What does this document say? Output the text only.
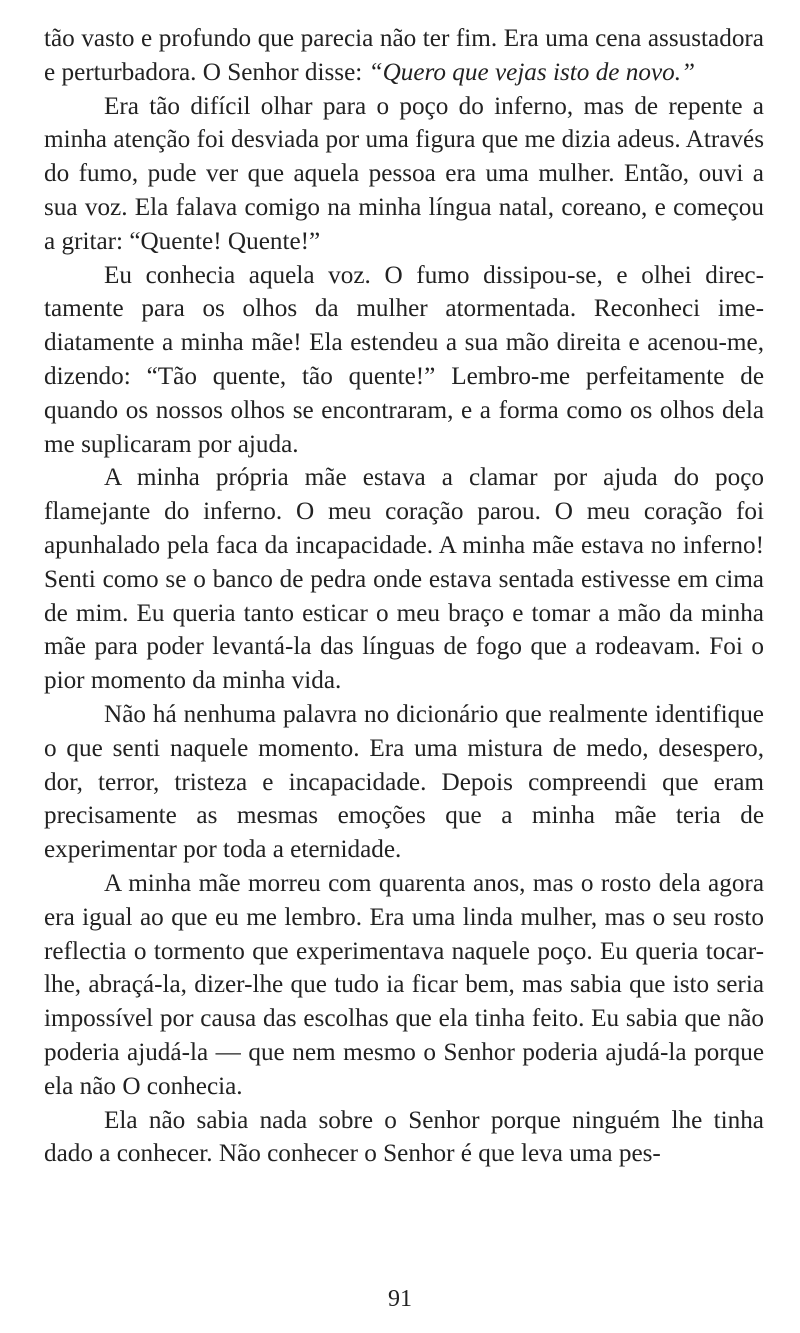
tão vasto e profundo que parecia não ter fim. Era uma cena assustadora e perturbadora. O Senhor disse: “Quero que vejas isto de novo.”

Era tão difícil olhar para o poço do inferno, mas de repente a minha atenção foi desviada por uma figura que me dizia adeus. Através do fumo, pude ver que aquela pessoa era uma mulher. Então, ouvi a sua voz. Ela falava comigo na minha língua natal, coreano, e começou a gritar: “Quente! Quente!”

Eu conhecia aquela voz. O fumo dissipou-se, e olhei directamente para os olhos da mulher atormentada. Reconheci imediatamente a minha mãe! Ela estendeu a sua mão direita e acenou-me, dizendo: “Tão quente, tão quente!” Lembro-me perfeitamente de quando os nossos olhos se encontraram, e a forma como os olhos dela me suplicaram por ajuda.

A minha própria mãe estava a clamar por ajuda do poço flamejante do inferno. O meu coração parou. O meu coração foi apunhalado pela faca da incapacidade. A minha mãe estava no inferno! Senti como se o banco de pedra onde estava sentada estivesse em cima de mim. Eu queria tanto esticar o meu braço e tomar a mão da minha mãe para poder levantá-la das línguas de fogo que a rodeavam. Foi o pior momento da minha vida.

Não há nenhuma palavra no dicionário que realmente identifique o que senti naquele momento. Era uma mistura de medo, desespero, dor, terror, tristeza e incapacidade. Depois compreendi que eram precisamente as mesmas emoções que a minha mãe teria de experimentar por toda a eternidade.

A minha mãe morreu com quarenta anos, mas o rosto dela agora era igual ao que eu me lembro. Era uma linda mulher, mas o seu rosto reflectia o tormento que experimentava naquele poço. Eu queria tocar-lhe, abraçá-la, dizer-lhe que tudo ia ficar bem, mas sabia que isto seria impossível por causa das escolhas que ela tinha feito. Eu sabia que não poderia ajudá-la — que nem mesmo o Senhor poderia ajudá-la porque ela não O conhecia.

Ela não sabia nada sobre o Senhor porque ninguém lhe tinha dado a conhecer. Não conhecer o Senhor é que leva uma pes-

91
